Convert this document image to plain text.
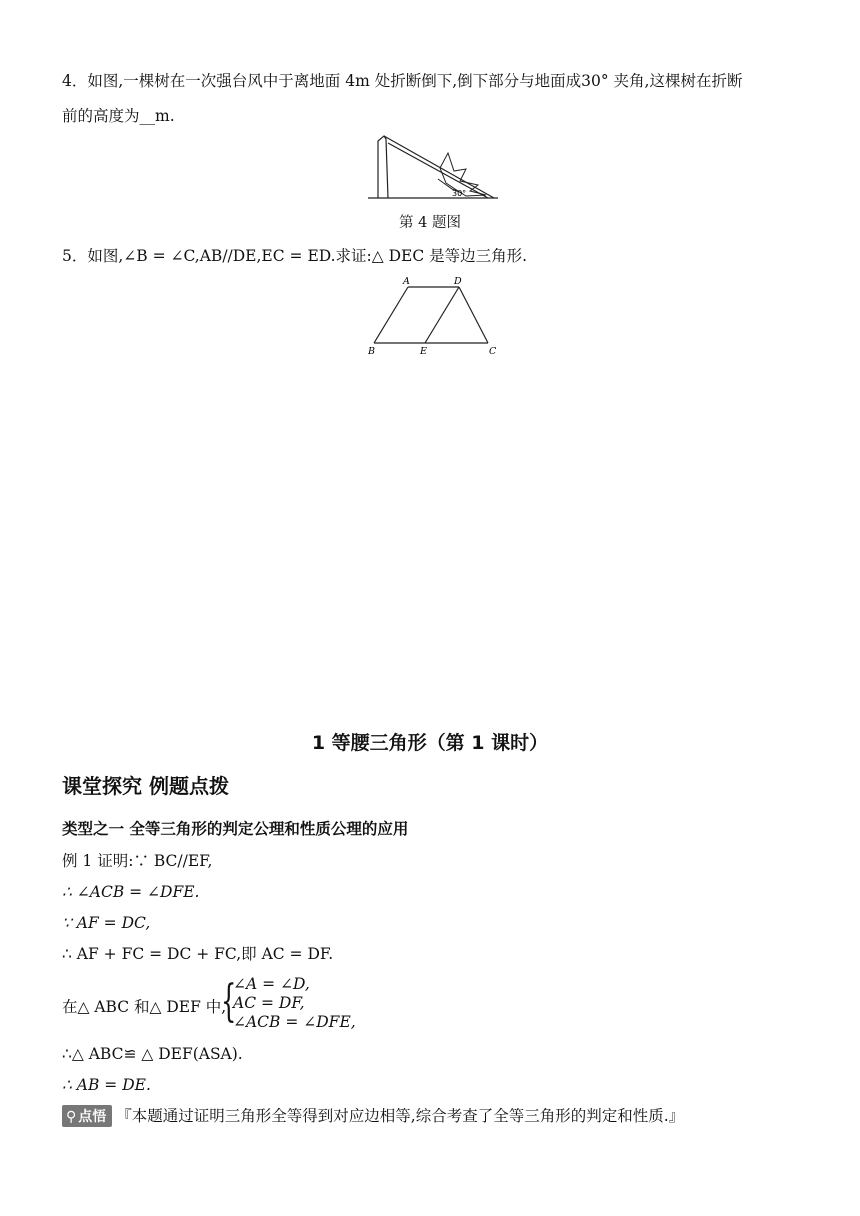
4．如图,一棵树在一次强台风中于离地面 4m 处折断倒下,倒下部分与地面成30° 夹角,这棵树在折断
前的高度为__m.
30°
第 4 题图
5．如图,∠B = ∠C,AB//DE,EC = ED.求证:△ DEC 是等边三角形.
A	D
B	E	C
1 等腰三角形（第 1 课时）
课堂探究 例题点拨
类型之一 全等三角形的判定公理和性质公理的应用
例 1 证明:∵ BC//EF,
∴ ∠ACB = ∠DFE.
∵ AF = DC,
∴ AF + FC = DC + FC,即 AC = DF.
在△ ABC 和△ DEF 中,
{
∠A = ∠D,
AC = DF,
∠ACB = ∠DFE,
∴△ ABC≌ △ DEF(ASA).
∴ AB = DE.
⚲ 点悟 『本题通过证明三角形全等得到对应边相等,综合考查了全等三角形的判定和性质.』
